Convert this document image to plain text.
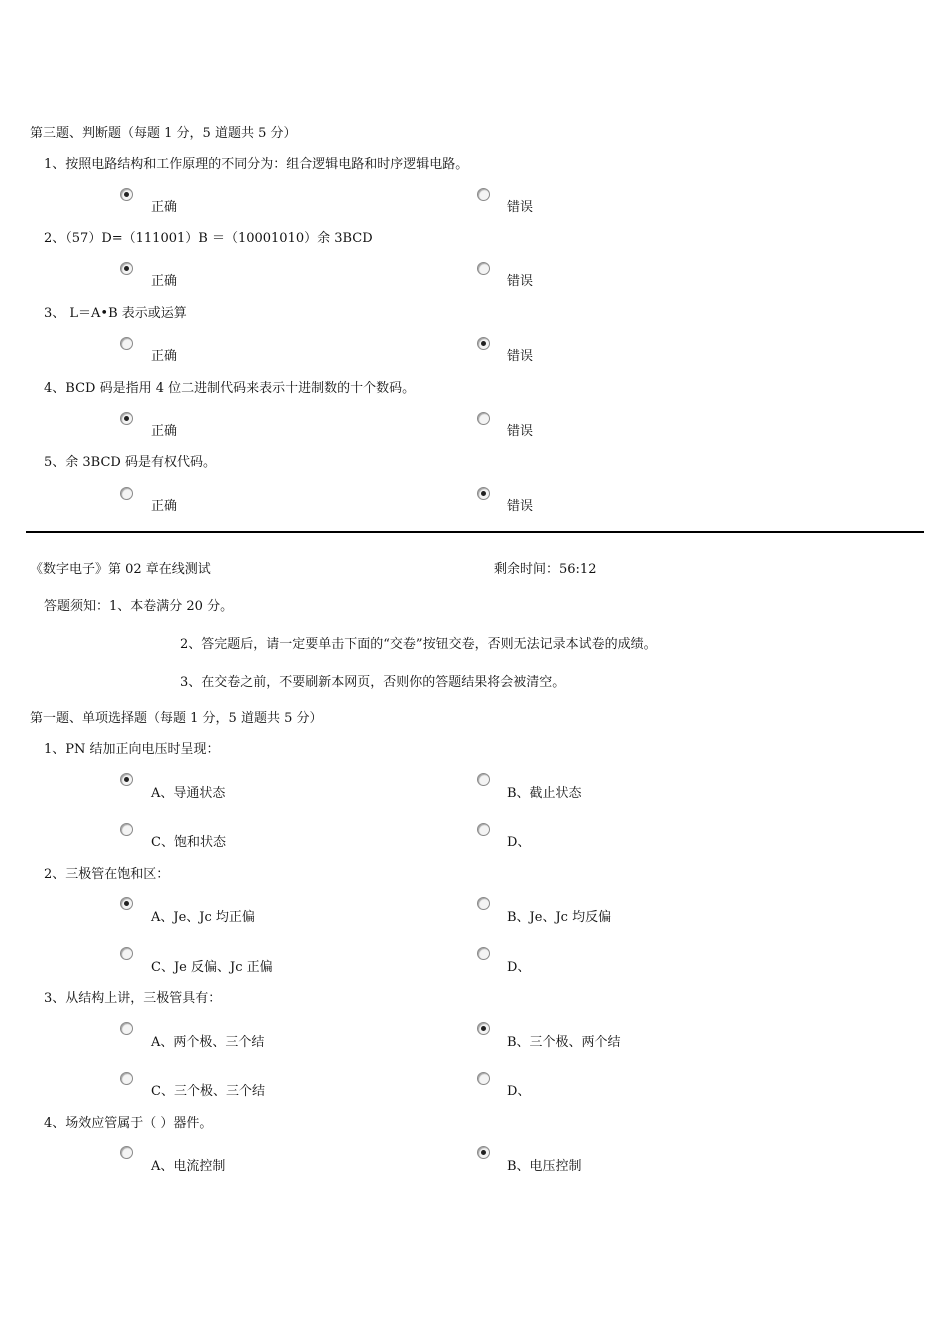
第三题、判断题（每题 1 分，5 道题共 5 分）
1、按照电路结构和工作原理的不同分为：组合逻辑电路和时序逻辑电路。
正确	错误
2、（57）D=（111001）B ＝（10001010）余 3BCD
正确	错误
3、 L＝A•B 表示或运算
正确	错误
4、BCD 码是指用 4 位二进制代码来表示十进制数的十个数码。
正确	错误
5、余 3BCD 码是有权代码。
正确	错误
《数字电子》第 02 章在线测试	剩余时间：56:12
答题须知：1、本卷满分 20 分。
2、答完题后，请一定要单击下面的“交卷”按钮交卷，否则无法记录本试卷的成绩。
3、在交卷之前，不要刷新本网页，否则你的答题结果将会被清空。
第一题、单项选择题（每题 1 分，5 道题共 5 分）
1、PN 结加正向电压时呈现：
A、导通状态	B、截止状态
C、饱和状态	D、
2、三极管在饱和区：
A、Je、Jc 均正偏	B、Je、Jc 均反偏
C、Je 反偏、Jc 正偏	D、
3、从结构上讲，三极管具有：
A、两个极、三个结	B、三个极、两个结
C、三个极、三个结	D、
4、场效应管属于（ ）器件。
A、电流控制	B、电压控制
